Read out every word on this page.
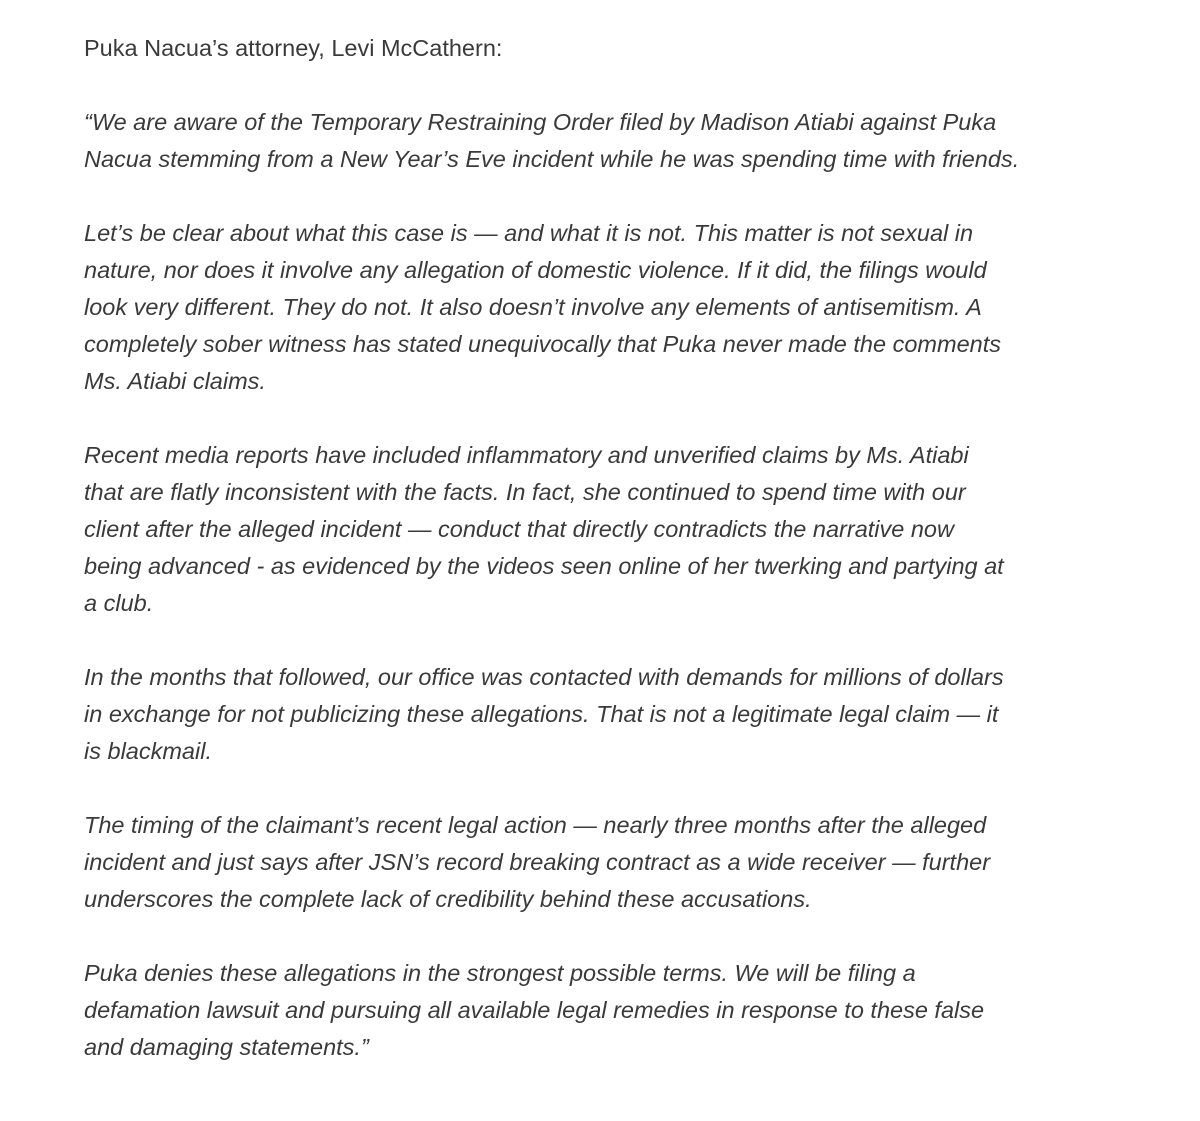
Puka Nacua’s attorney, Levi McCathern:
“We are aware of the Temporary Restraining Order filed by Madison Atiabi against Puka
Nacua stemming from a New Year’s Eve incident while he was spending time with friends.
Let’s be clear about what this case is — and what it is not. This matter is not sexual in
nature, nor does it involve any allegation of domestic violence. If it did, the filings would
look very different. They do not. It also doesn’t involve any elements of antisemitism. A
completely sober witness has stated unequivocally that Puka never made the comments
Ms. Atiabi claims.
Recent media reports have included inflammatory and unverified claims by Ms. Atiabi
that are flatly inconsistent with the facts. In fact, she continued to spend time with our
client after the alleged incident — conduct that directly contradicts the narrative now
being advanced - as evidenced by the videos seen online of her twerking and partying at
a club.
In the months that followed, our office was contacted with demands for millions of dollars
in exchange for not publicizing these allegations. That is not a legitimate legal claim — it
is blackmail.
The timing of the claimant’s recent legal action — nearly three months after the alleged
incident and just says after JSN’s record breaking contract as a wide receiver — further
underscores the complete lack of credibility behind these accusations.
Puka denies these allegations in the strongest possible terms. We will be filing a
defamation lawsuit and pursuing all available legal remedies in response to these false
and damaging statements.”
